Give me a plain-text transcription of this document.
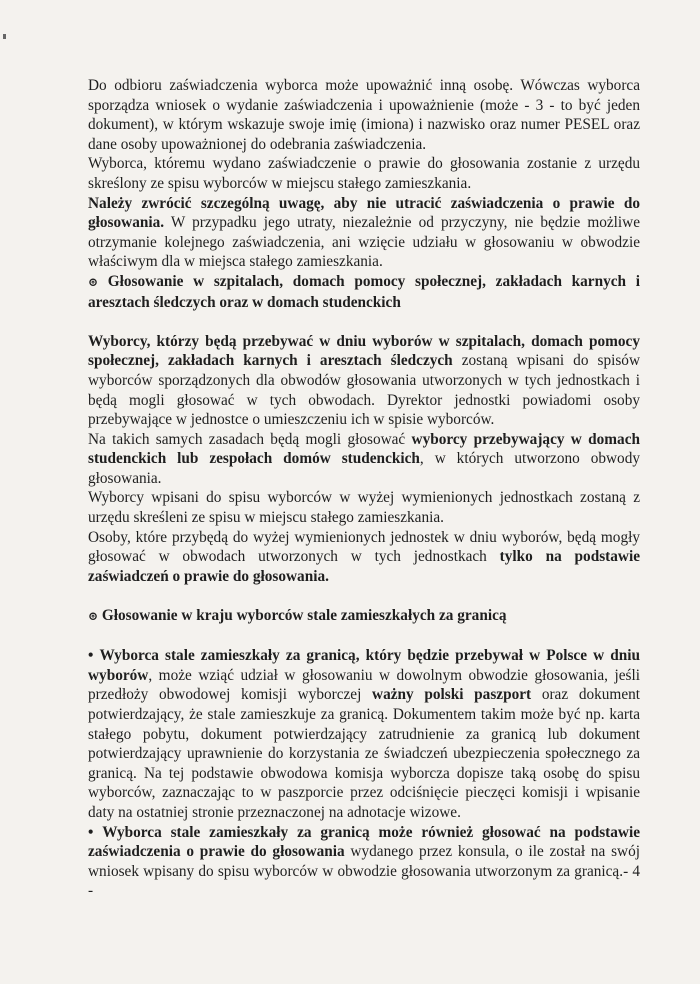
Do odbioru zaświadczenia wyborca może upoważnić inną osobę. Wówczas wyborca sporządza wniosek o wydanie zaświadczenia i upoważnienie (może - 3 - to być jeden dokument), w którym wskazuje swoje imię (imiona) i nazwisko oraz numer PESEL oraz dane osoby upoważnionej do odebrania zaświadczenia.

Wyborca, któremu wydano zaświadczenie o prawie do głosowania zostanie z urzędu skreślony ze spisu wyborców w miejscu stałego zamieszkania.

Należy zwrócić szczególną uwagę, aby nie utracić zaświadczenia o prawie do głosowania. W przypadku jego utraty, niezależnie od przyczyny, nie będzie możliwe otrzymanie kolejnego zaświadczenia, ani wzięcie udziału w głosowaniu w obwodzie właściwym dla w miejsca stałego zamieszkania.

⊚ Głosowanie w szpitalach, domach pomocy społecznej, zakładach karnych i aresztach śledczych oraz w domach studenckich

Wyborcy, którzy będą przebywać w dniu wyborów w szpitalach, domach pomocy społecznej, zakładach karnych i aresztach śledczych zostaną wpisani do spisów wyborców sporządzonych dla obwodów głosowania utworzonych w tych jednostkach i będą mogli głosować w tych obwodach. Dyrektor jednostki powiadomi osoby przebywające w jednostce o umieszczeniu ich w spisie wyborców.

Na takich samych zasadach będą mogli głosować wyborcy przebywający w domach studenckich lub zespołach domów studenckich, w których utworzono obwody głosowania.

Wyborcy wpisani do spisu wyborców w wyżej wymienionych jednostkach zostaną z urzędu skreśleni ze spisu w miejscu stałego zamieszkania.

Osoby, które przybędą do wyżej wymienionych jednostek w dniu wyborów, będą mogły głosować w obwodach utworzonych w tych jednostkach tylko na podstawie zaświadczeń o prawie do głosowania.

⊚ Głosowanie w kraju wyborców stale zamieszkałych za granicą

• Wyborca stale zamieszkały za granicą, który będzie przebywał w Polsce w dniu wyborów, może wziąć udział w głosowaniu w dowolnym obwodzie głosowania, jeśli przedłoży obwodowej komisji wyborczej ważny polski paszport oraz dokument potwierdzający, że stale zamieszkuje za granicą. Dokumentem takim może być np. karta stałego pobytu, dokument potwierdzający zatrudnienie za granicą lub dokument potwierdzający uprawnienie do korzystania ze świadczeń ubezpieczenia społecznego za granicą. Na tej podstawie obwodowa komisja wyborcza dopisze taką osobę do spisu wyborców, zaznaczając to w paszporcie przez odciśnięcie pieczęci komisji i wpisanie daty na ostatniej stronie przeznaczonej na adnotacje wizowe.

• Wyborca stale zamieszkały za granicą może również głosować na podstawie zaświadczenia o prawie do głosowania wydanego przez konsula, o ile został na swój wniosek wpisany do spisu wyborców w obwodzie głosowania utworzonym za granicą.- 4 -
